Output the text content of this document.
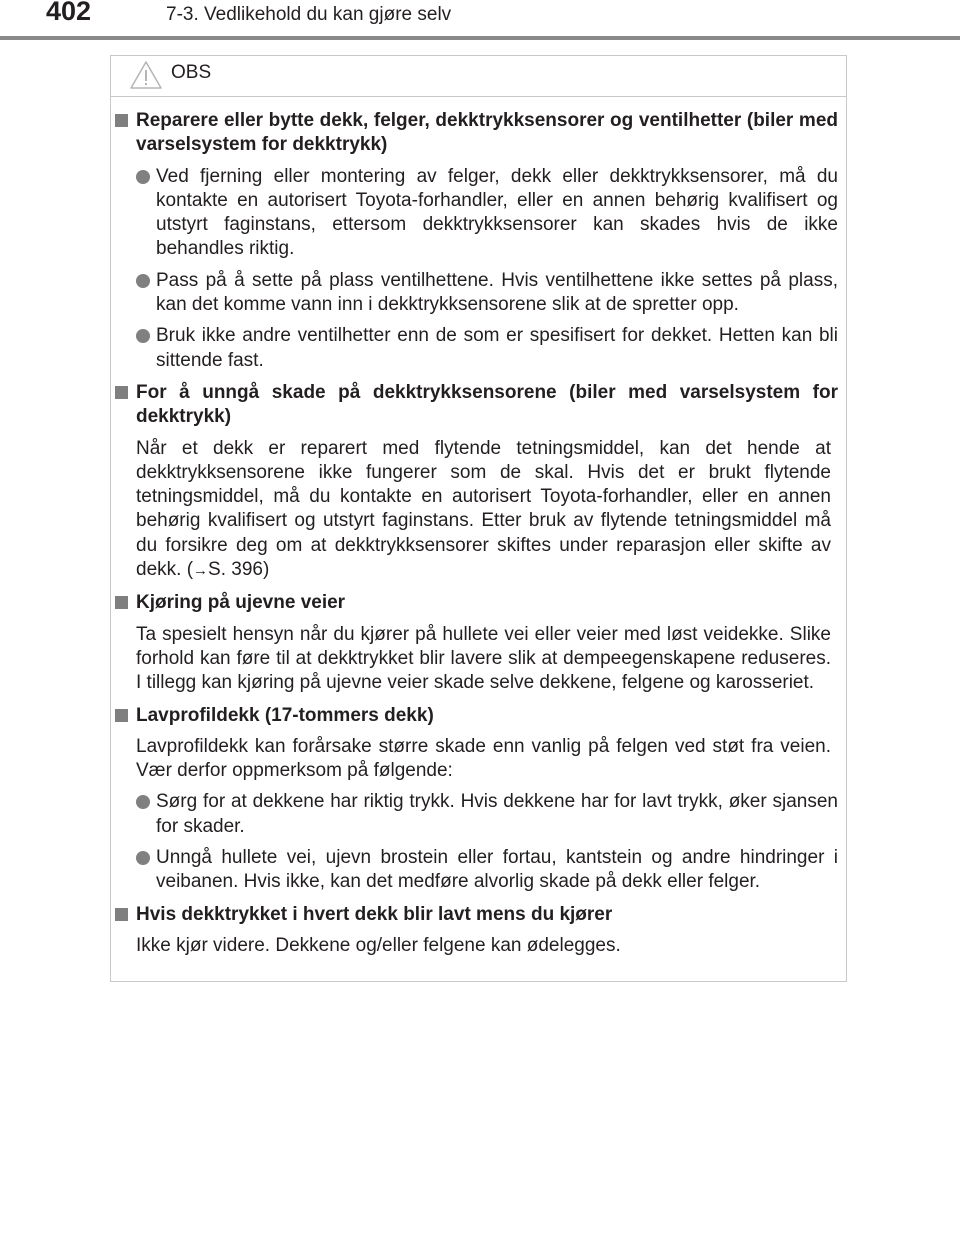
402	7-3. Vedlikehold du kan gjøre selv
OBS
Reparere eller bytte dekk, felger, dekktrykksensorer og ventilhetter (biler med varselsystem for dekktrykk)
Ved fjerning eller montering av felger, dekk eller dekktrykksensorer, må du kontakte en autorisert Toyota-forhandler, eller en annen behørig kvalifisert og utstyrt faginstans, ettersom dekktrykksensorer kan skades hvis de ikke behandles riktig.
Pass på å sette på plass ventilhettene. Hvis ventilhettene ikke settes på plass, kan det komme vann inn i dekktrykksensorene slik at de spretter opp.
Bruk ikke andre ventilhetter enn de som er spesifisert for dekket. Hetten kan bli sittende fast.
For å unngå skade på dekktrykksensorene (biler med varselsystem for dekktrykk)
Når et dekk er reparert med flytende tetningsmiddel, kan det hende at dekktrykksensorene ikke fungerer som de skal. Hvis det er brukt flytende tetningsmiddel, må du kontakte en autorisert Toyota-forhandler, eller en annen behørig kvalifisert og utstyrt faginstans. Etter bruk av flytende tetningsmiddel må du forsikre deg om at dekktrykksensorer skiftes under reparasjon eller skifte av dekk. (→S. 396)
Kjøring på ujevne veier
Ta spesielt hensyn når du kjører på hullete vei eller veier med løst veidekke. Slike forhold kan føre til at dekktrykket blir lavere slik at dempeegenskapene reduseres. I tillegg kan kjøring på ujevne veier skade selve dekkene, felgene og karosseriet.
Lavprofildekk (17-tommers dekk)
Lavprofildekk kan forårsake større skade enn vanlig på felgen ved støt fra veien. Vær derfor oppmerksom på følgende:
Sørg for at dekkene har riktig trykk. Hvis dekkene har for lavt trykk, øker sjansen for skader.
Unngå hullete vei, ujevn brostein eller fortau, kantstein og andre hindringer i veibanen. Hvis ikke, kan det medføre alvorlig skade på dekk eller felger.
Hvis dekktrykket i hvert dekk blir lavt mens du kjører
Ikke kjør videre. Dekkene og/eller felgene kan ødelegges.
